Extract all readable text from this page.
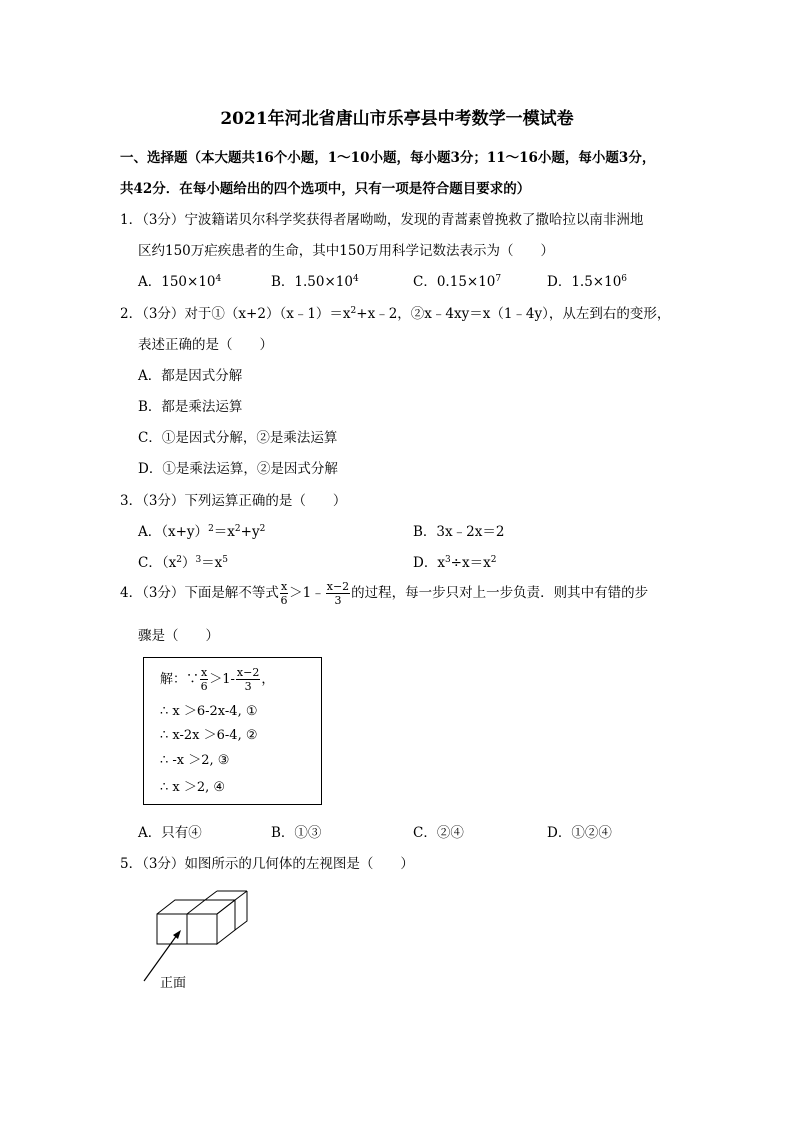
2021年河北省唐山市乐亭县中考数学一模试卷
一、选择题（本大题共16个小题，1～10小题，每小题3分；11～16小题，每小题3分，
共42分．在每小题给出的四个选项中，只有一项是符合题目要求的）
1．（3分）宁波籍诺贝尔科学奖获得者屠呦呦，发现的青蒿素曾挽救了撒哈拉以南非洲地
区约150万疟疾患者的生命，其中150万用科学记数法表示为（　　）
A．$150\times 10^4$	B．$1.50\times 10^4$	C．$0.15\times 10^7$	D．$1.5\times 10^6$
2．（3分）对于$①(x+2)(x﹣1)=x^2+x﹣2$，②x﹣4xy＝x（1﹣4y），从左到右的变形，
表述正确的是（　　）
A．都是因式分解
B．都是乘法运算
C．①是因式分解，②是乘法运算
D．①是乘法运算，②是因式分解
3．（3分）下列运算正确的是（　　）
A．$(x+y)^2=x^2+y^2$	B．3x﹣2x＝2
C．$(x^2)^3=x^5$	D．$x^3\div x=x^2$
4．（3分）下面是解不等式 $\frac{x}{6}$ ＞1﹣ $\frac{x-2}{3}$ 的过程，每一步只对上一步负责．则其中有错的步
骤是（　　）
解：∵ $\frac{x}{6} >1- \frac{x-2}{3}$ ，
∴ x ＞6-2x-4, ①
∴ x-2x ＞6-4, ②
∴ -x ＞2, ③
∴ x ＞2, ④
A．只有④	B．①③	C．②④	D．①②④
5．（3分）如图所示的几何体的左视图是（　　）
正面
